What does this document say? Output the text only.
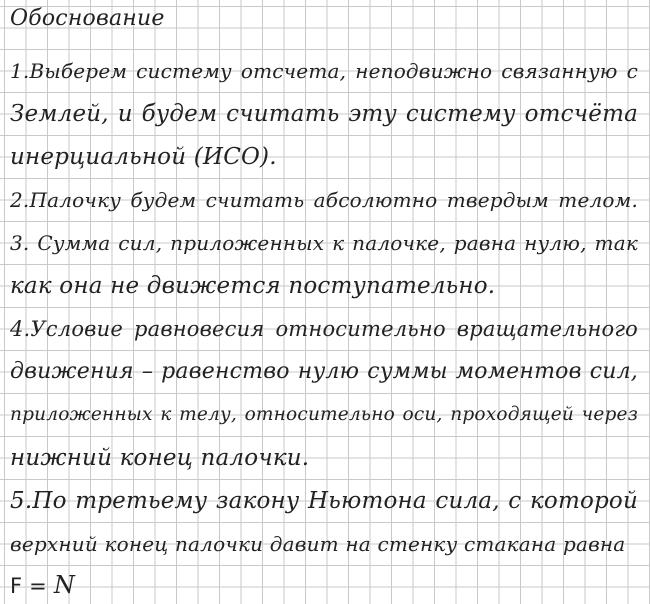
Обоснование
1.Выберем систему отсчета, неподвижно связанную с
Землей, и будем считать эту систему отсчёта
инерциальной (ИСО).
2.Палочку будем считать абсолютно твердым телом.
3. Сумма сил, приложенных к палочке, равна нулю, так
как она не движется поступательно.
4.Условие равновесия относительно вращательного
движения – равенство нулю суммы моментов сил,
приложенных к телу, относительно оси, проходящей через
нижний конец палочки.
5.По третьему закону Ньютона сила, с которой
верхний конец палочки давит на стенку стакана равна
F = N
